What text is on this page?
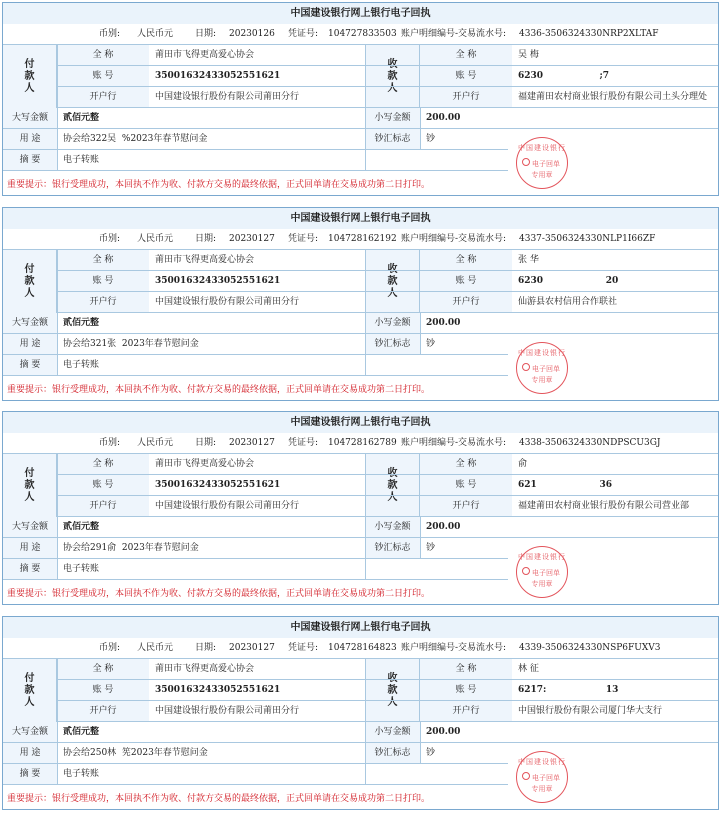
中国建设银行网上银行电子回执
币别: 人民币元 日期: 20230126 凭证号: 104727833503 账户明细编号-交易流水号: 4336-3506324330NRP2XLTAF
付款人
收款人
全 称	莆田市飞得更高爱心协会	全 称	吴 梅
账 号	35001632433052551621	账 号	6230                  ;7
开户行	中国建设银行股份有限公司莆田分行	开户行	福建莆田农村商业银行股份有限公司土头分理处
大写金额	贰佰元整	小写金额	200.00
用 途	协会给322吴  %2023年春节慰问金	钞汇标志	钞
摘 要	电子转账
重要提示：银行受理成功，本回执不作为收、付款方交易的最终依据，正式回单请在交易成功第二日打印。
中国建设银行
电子回单
专用章
中国建设银行网上银行电子回执
币别: 人民币元 日期: 20230127 凭证号: 104728162192 账户明细编号-交易流水号: 4337-3506324330NLP1I66ZF
付款人
收款人
全 称	莆田市飞得更高爱心协会	全 称	张 华
账 号	35001632433052551621	账 号	6230                    20
开户行	中国建设银行股份有限公司莆田分行	开户行	仙游县农村信用合作联社
大写金额	贰佰元整	小写金额	200.00
用 途	协会给321张  2023年春节慰问金	钞汇标志	钞
摘 要	电子转账
重要提示：银行受理成功，本回执不作为收、付款方交易的最终依据，正式回单请在交易成功第二日打印。
中国建设银行
电子回单
专用章
中国建设银行网上银行电子回执
币别: 人民币元 日期: 20230127 凭证号: 104728162789 账户明细编号-交易流水号: 4338-3506324330NDPSCU3GJ
付款人
收款人
全 称	莆田市飞得更高爱心协会	全 称	俞
账 号	35001632433052551621	账 号	621                    36
开户行	中国建设银行股份有限公司莆田分行	开户行	福建莆田农村商业银行股份有限公司营业部
大写金额	贰佰元整	小写金额	200.00
用 途	协会给291俞  2023年春节慰问金	钞汇标志	钞
摘 要	电子转账
重要提示：银行受理成功，本回执不作为收、付款方交易的最终依据，正式回单请在交易成功第二日打印。
中国建设银行
电子回单
专用章
中国建设银行网上银行电子回执
币别: 人民币元 日期: 20230127 凭证号: 104728164823 账户明细编号-交易流水号: 4339-3506324330NSP6FUXV3
付款人
收款人
全 称	莆田市飞得更高爱心协会	全 称	林 征
账 号	35001632433052551621	账 号	6217:                   13
开户行	中国建设银行股份有限公司莆田分行	开户行	中国银行股份有限公司厦门华大支行
大写金额	贰佰元整	小写金额	200.00
用 途	协会给250林  筅2023年春节慰问金	钞汇标志	钞
摘 要	电子转账
重要提示：银行受理成功，本回执不作为收、付款方交易的最终依据，正式回单请在交易成功第二日打印。
中国建设银行
电子回单
专用章
